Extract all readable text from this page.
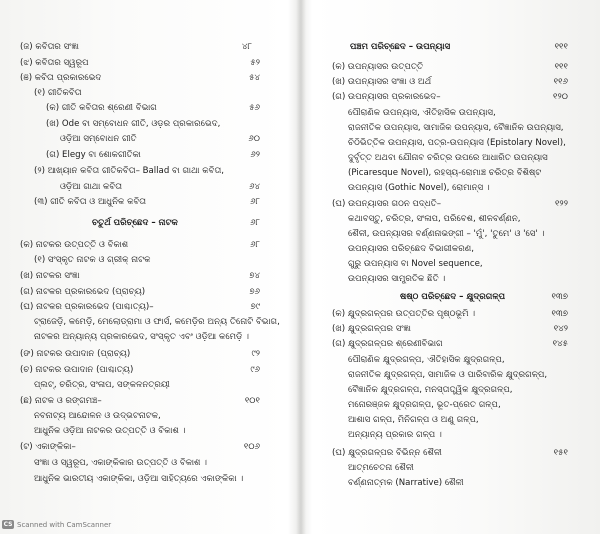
(ଜ) କବିତାର ସଂଜ୍ଞା	୪୮
(ଝ) କବିତାର ସ୍ୱରୂପ	୫୨
(ଞ) କବିତା ପ୍ରକାରଭେଦ	୫୪
(୧) ଗୀତିକବିତା
(କ) ଗୀତି କବିତାର ଶ୍ରେଣୀ ବିଭାଗ	୫୬
(ଖ) Ode ବା ସମ୍ବୋଧନ ଗୀତି, ଓଡ଼ର ପ୍ରକାରଭେଦ,
ଓଡ଼ିଆ ସମ୍ବୋଧନ ଗୀତି	୬୦
(ଗ) Elegy ବା ଶୋକଗୀତିକା	୬୨
(୨) ଆଖ୍ୟାନ କବିତା ଗୀତିକବିତା– Ballad ବା ଗାଥା କବିତା,
ଓଡ଼ିଆ ଗାଥା କବିତା	୬୪
(୩) ଗୀତି କବିତା ଓ ଆଧୁନିକ କବିତା	୬୮
ଚତୁର୍ଥ ପରିଚ୍ଛେଦ – ନାଟକ	୬୮
(କ) ନାଟକର ଉତ୍ପତ୍ତି ଓ ବିକାଶ	୬୮
(୧) ସଂସ୍କୃତ ନାଟକ ଓ ଗ୍ରୀକ୍ ନାଟକ
(ଖ) ନାଟକର ସଂଜ୍ଞା	୭୪
(ଗ) ନାଟକର ପ୍ରକାରଭେଦ (ପ୍ରାଚ୍ୟ)	୭୬
(ଘ) ନାଟକର ପ୍ରକାରଭେଦ (ପାଶ୍ଚାତ୍ୟ)–	୭୯
ଟ୍ରାଜେଡ଼ି, କମେଡ଼ି, ମେଲୋଡ୍ରାମା ଓ ଫାର୍ସ, କମେଡ଼ିର ଅନ୍ୟ ତିନୋଟି ବିଭାଗ,
ନାଟକର ଅନ୍ୟାନ୍ୟ ପ୍ରକାରଭେଦ, ସଂସ୍କୃତ ଏବଂ ଓଡ଼ିଆ କମେଡ଼ି ।
(ଙ) ନାଟକର ଉପାଦାନ (ପ୍ରାଚ୍ୟ)	୯୨
(ଚ) ନାଟକର ଉପାଦାନ (ପାଶ୍ଚାତ୍ୟ)	୯୬
ପ୍ଲଟ୍, ଚରିତ୍ର, ସଂଳାପ, ସଙ୍କଳନତ୍ରୟୀ
(ଛ) ନାଟକ ଓ ରଙ୍ଗମଞ୍ଚ–	୧୦୧
ନବନାଟ୍ୟ ଆନ୍ଦୋଳନ ଓ ଉଦ୍ଭଟନାଟକ,
ଆଧୁନିକ ଓଡ଼ିଆ ନାଟକର ଉତ୍ପତ୍ତି ଓ ବିକାଶ ।
(ଟ) ଏକାଙ୍କିକା–	୧୦୬
ସଂଜ୍ଞା ଓ ସ୍ୱରୂପ, ଏକାଙ୍କିକାର ଉତ୍ପତ୍ତି ଓ ବିକାଶ ।
ଆଧୁନିକ ଭାରତୀୟ ଏକାଙ୍କିକା, ଓଡ଼ିଆ ସାହିତ୍ୟରେ ଏକାଙ୍କିକା ।
ପଞ୍ଚମ ପରିଚ୍ଛେଦ – ଉପନ୍ୟାସ	୧୧୧
(କ) ଉପନ୍ୟାସର ଉତ୍ପତ୍ତି	୧୧୧
(ଖ) ଉପନ୍ୟାସର ସଂଜ୍ଞା ଓ ଅର୍ଥ	୧୧୬
(ଗ) ଉପନ୍ୟାସର ପ୍ରକାରଭେଦ–	୧୨୦
ପୌରାଣିକ ଉପନ୍ୟାସ, ଐତିହାସିକ ଉପନ୍ୟାସ,
ରାଜନୀତିକ ଉପନ୍ୟାସ, ସାମାଜିକ ଉପନ୍ୟାସ, ବୈଜ୍ଞାନିକ ଉପନ୍ୟାସ,
ଚିଠିଭିତ୍ତିକ ଉପନ୍ୟାସ, ପତ୍ର-ଉପନ୍ୟାସ (Epistolary Novel),
ଦୁର୍ବୃତ୍ତ ଅଥବା ଯୌନାବ ଚରିତ୍ର ଉପରେ ଆଧାରିତ ଉପନ୍ୟାସ
(Picaresque Novel), ରହସ୍ୟ-ରୋମାଞ୍ଚ ଚରିତ୍ର ବିଶିଷ୍ଟ
ଉପନ୍ୟାସ (Gothic Novel), ରୋମାନ୍ସ ।
(ଘ) ଉପନ୍ୟାସର ଗଠନ ପଦ୍ଧତି–	୧୨୨
କଥାବସ୍ତୁ, ଚରିତ୍ର, ସଂଳାପ, ପରିବେଶ, ଶୀଳବର୍ଣ୍ଣନ,
ଶୈଳୀ, ଉପନ୍ୟାସର ବର୍ଣ୍ଣନାଭଙ୍ଗୀ – 'ମୁଁ', 'ତୁମେ' ଓ 'ସେ' ।
ଉପନ୍ୟାସର ପରିଚ୍ଛେଦ ବିଭାଗୀକରଣ,
ଗୁରୁ ଉପନ୍ୟାସ ବା Novel sequence,
ଉପନ୍ୟାସର ସାମ୍ପ୍ରତିକ ଛିତି ।
ଷଷ୍ଠ ପରିଚ୍ଛେଦ – କ୍ଷୁଦ୍ରଗଳ୍ପ	୧୩୭
(କ) କ୍ଷୁଦ୍ରଗଳ୍ପର ଉତ୍ପତ୍ତିର ପୃଷ୍ଠଭୂମି ।	୧୩୭
(ଖ) କ୍ଷୁଦ୍ରଗଳ୍ପର ସଂଜ୍ଞା	୧୪୨
(ଗ) କ୍ଷୁଦ୍ରଗଳ୍ପର ଶ୍ରେଣୀବିଭାଗ	୧୪୫
ପୌରାଣିକ କ୍ଷୁଦ୍ରଗଳ୍ପ, ଐତିହାସିକ କ୍ଷୁଦ୍ରଗଳ୍ପ,
ରାଜନୀତିକ କ୍ଷୁଦ୍ରଗଳ୍ପ, ସାମାଜିକ ଓ ପାରିବାରିକ କ୍ଷୁଦ୍ରଗଳ୍ପ,
ବୈଜ୍ଞାନିକ କ୍ଷୁଦ୍ରଗଳ୍ପ, ମନସ୍ତାତ୍ତ୍ୱିକ କ୍ଷୁଦ୍ରଗଳ୍ପ,
ମନୋରଞ୍ଜକ କ୍ଷୁଦ୍ରଗଳ୍ପ, ଭୂତ-ପ୍ରେତ ଗଳ୍ପ,
ଆଶାସ ଗଳ୍ପ, ମିନିଗଳ୍ପ ଓ ଅଣୁ ଗଳ୍ପ,
ଅନ୍ୟାନ୍ୟ ପ୍ରକାର ଗଳ୍ପ ।
(ଘ) କ୍ଷୁଦ୍ରଗଳ୍ପର ବିଭିନ୍ନ ଶୈଳୀ	୧୫୧
ଆତ୍ମଚେତନା ଶୈଳୀ
ବର୍ଣ୍ଣନାତ୍ମକ (Narrative) ଶୈଳୀ
CS Scanned with CamScanner
